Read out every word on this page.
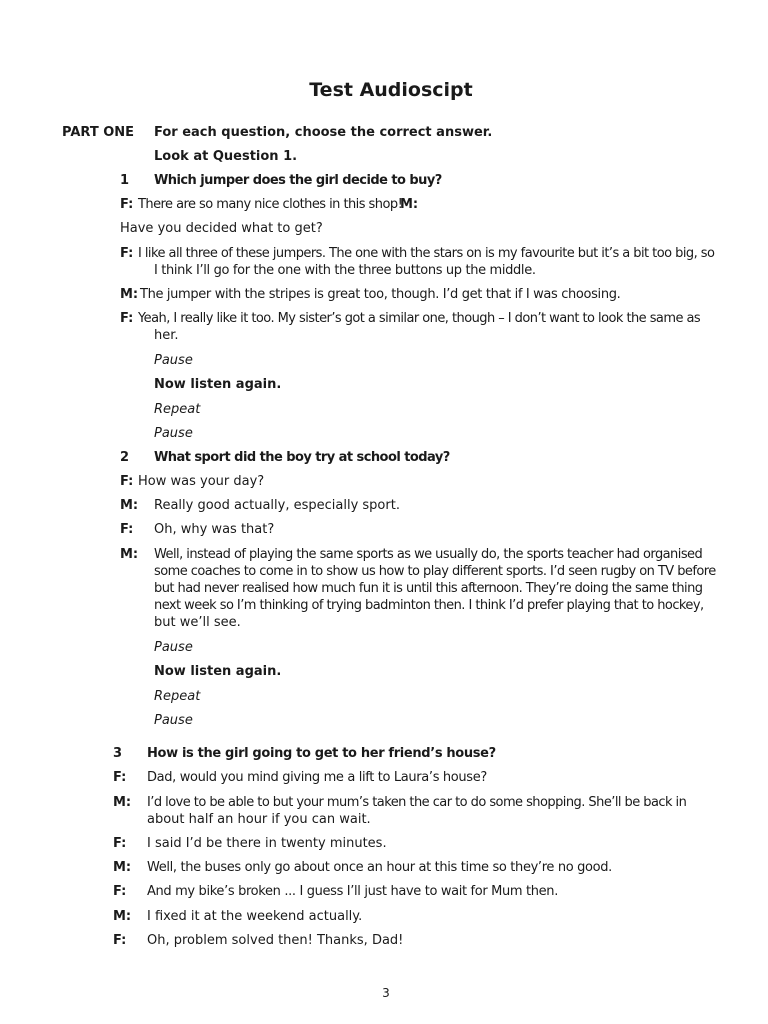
Test Audioscipt
PART ONE For each question, choose the correct answer.
Look at Question 1.
1 Which jumper does the girl decide to buy?
F: There are so many nice clothes in this shop!
M:
Have you decided what to get?
F: I like all three of these jumpers. The one with the stars on is my favourite but it’s a bit too big, so
I think I’ll go for the one with the three buttons up the middle.
M: The jumper with the stripes is great too, though. I’d get that if I was choosing.
F: Yeah, I really like it too. My sister’s got a similar one, though – I don’t want to look the same as
her.
Pause
Now listen again.
Repeat
Pause
2 What sport did the boy try at school today?
F: How was your day?
M: Really good actually, especially sport.
F: Oh, why was that?
M: Well, instead of playing the same sports as we usually do, the sports teacher had organised
some coaches to come in to show us how to play different sports. I’d seen rugby on TV before
but had never realised how much fun it is until this afternoon. They’re doing the same thing
next week so I’m thinking of trying badminton then. I think I’d prefer playing that to hockey,
but we’ll see.
Pause
Now listen again.
Repeat
Pause
3 How is the girl going to get to her friend’s house?
F: Dad, would you mind giving me a lift to Laura’s house?
M: I’d love to be able to but your mum’s taken the car to do some shopping. She’ll be back in
about half an hour if you can wait.
F: I said I’d be there in twenty minutes.
M: Well, the buses only go about once an hour at this time so they’re no good.
F: And my bike’s broken ... I guess I’ll just have to wait for Mum then.
M: I fixed it at the weekend actually.
F: Oh, problem solved then! Thanks, Dad!
3
